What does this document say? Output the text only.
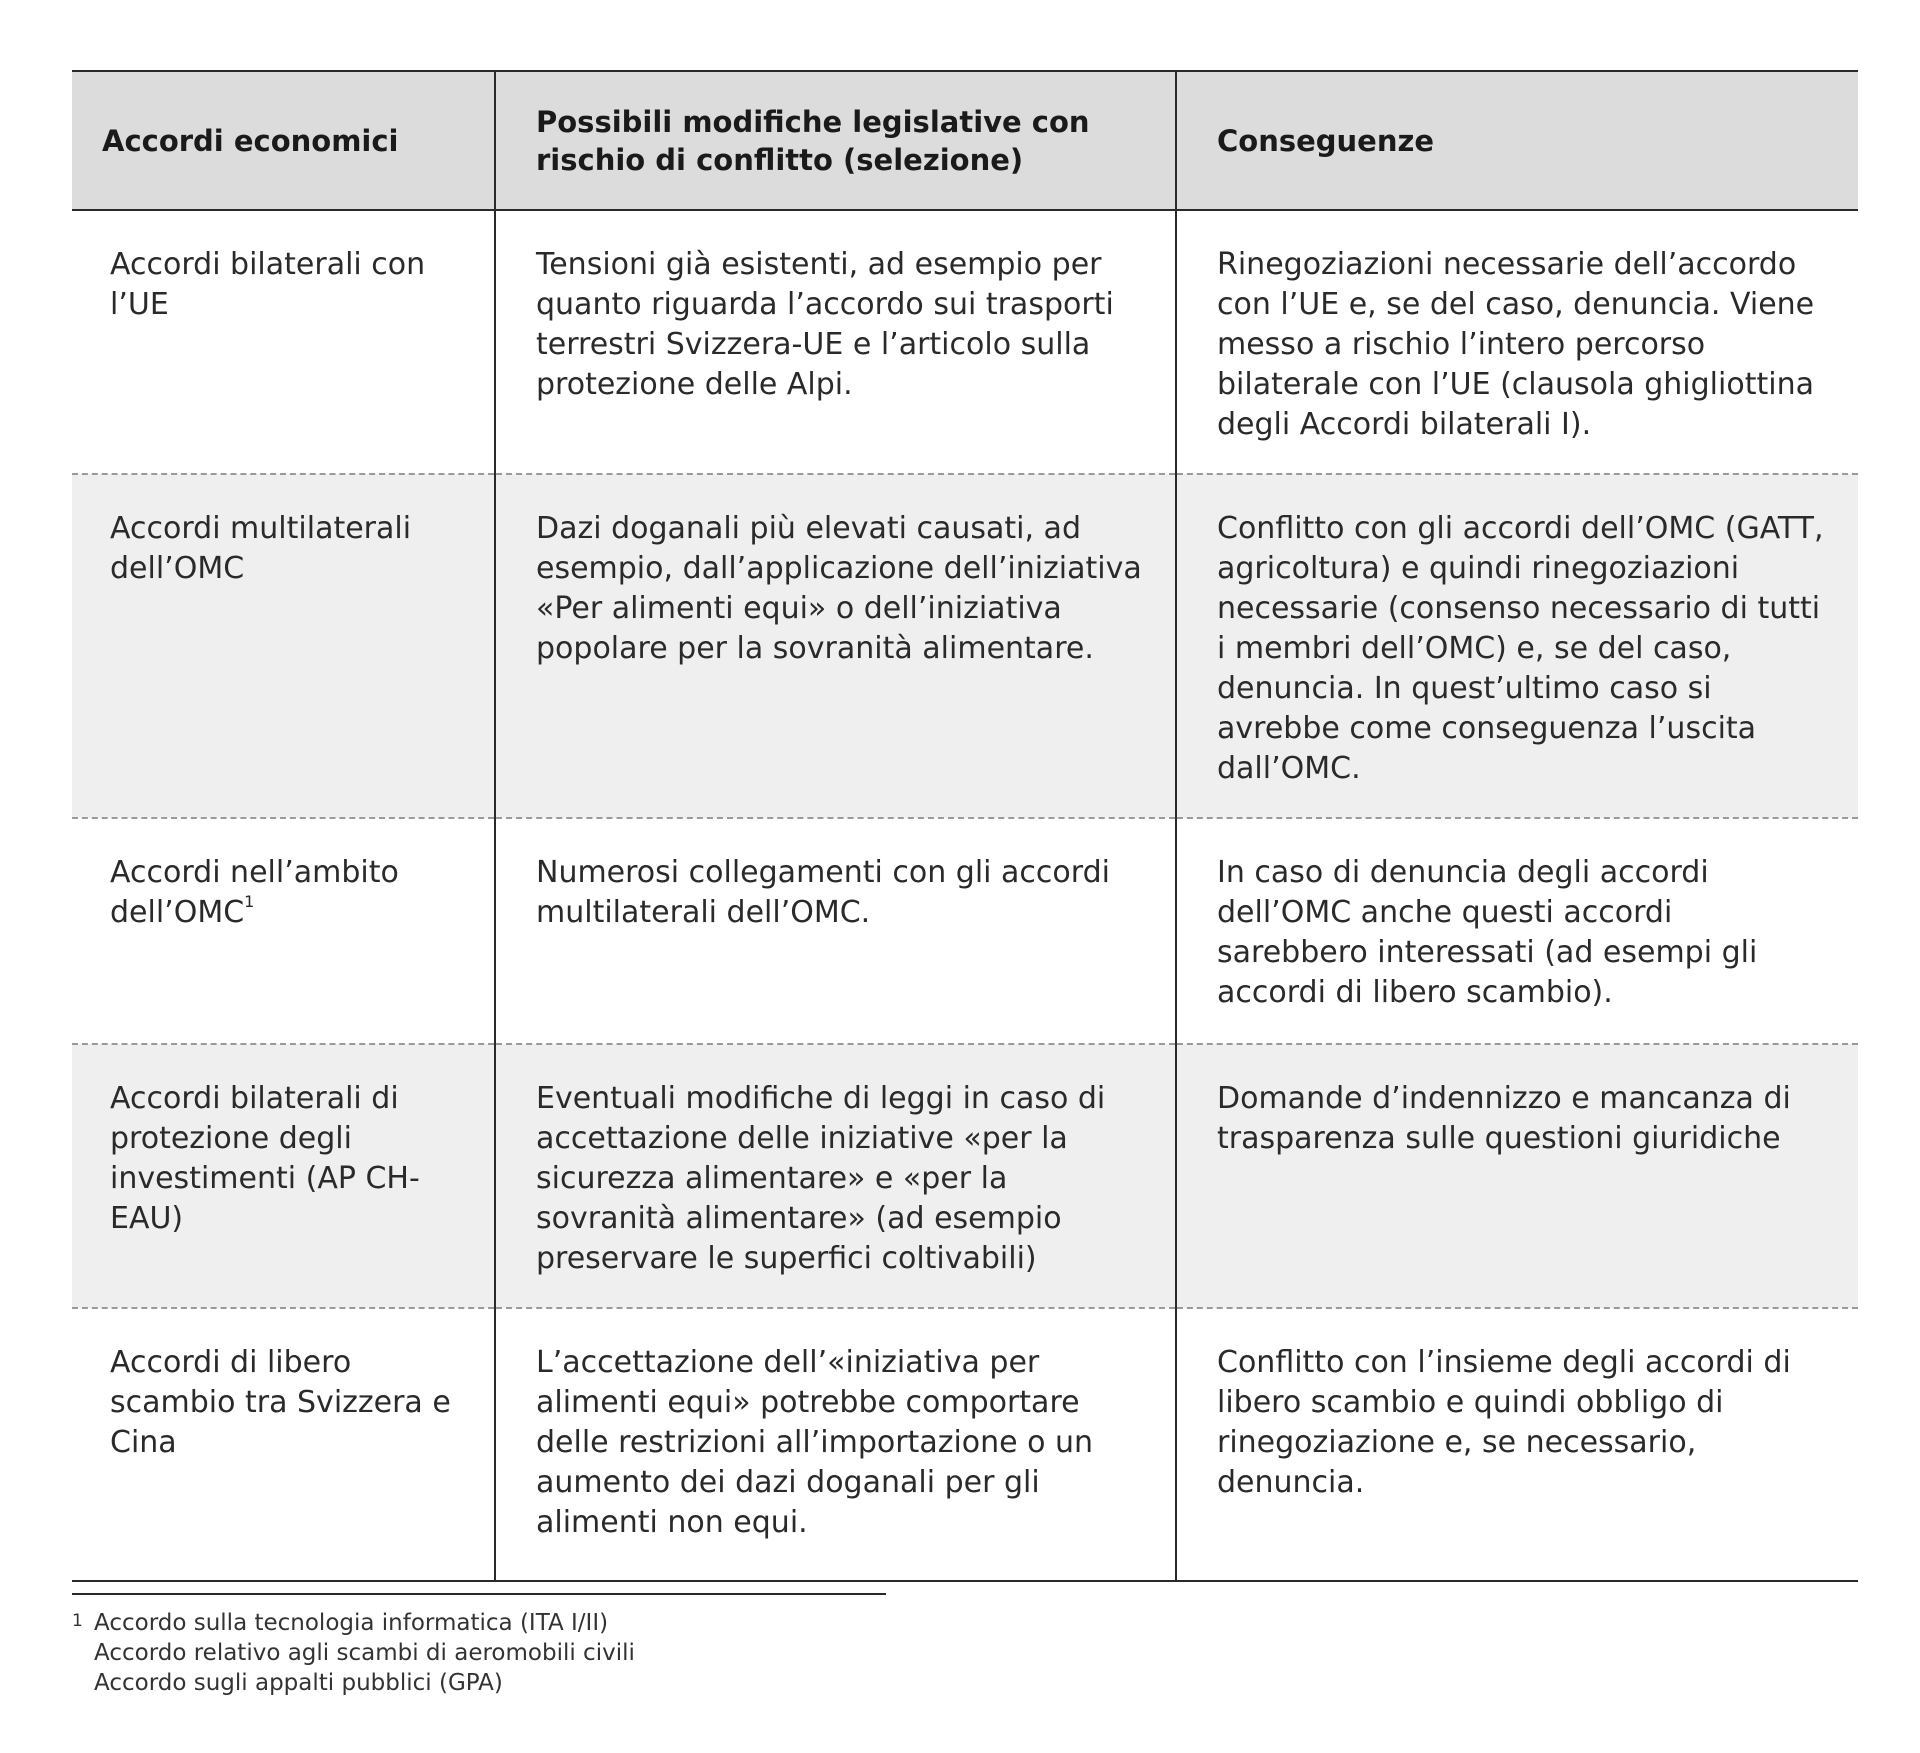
Accordi economici	Possibili modifiche legislative con rischio di conflitto (selezione)	Conseguenze
Accordi bilaterali con l’UE	Tensioni già esistenti, ad esempio per quanto riguarda l’accordo sui trasporti terrestri Svizzera-UE e l’articolo sulla protezione delle Alpi.	Rinegoziazioni necessarie dell’accordo con l’UE e, se del caso, denuncia. Viene messo a rischio l’intero percorso bilaterale con l’UE (clausola ghigliottina degli Accordi bilaterali I).
Accordi multilaterali dell’OMC	Dazi doganali più elevati causati, ad esempio, dall’applicazione dell’iniziativa «Per alimenti equi» o dell’iniziativa popolare per la sovranità alimentare.	Conflitto con gli accordi dell’OMC (GATT, agricoltura) e quindi rinegoziazioni necessarie (consenso necessario di tutti i membri dell’OMC) e, se del caso, denuncia. In quest’ultimo caso si avrebbe come conseguenza l’uscita dall’OMC.
Accordi nell’ambito dell’OMC$^1$	Numerosi collegamenti con gli accordi multilaterali dell’OMC.	In caso di denuncia degli accordi dell’OMC anche questi accordi sarebbero interessati (ad esempi gli accordi di libero scambio).
Accordi bilaterali di protezione degli investimenti (AP CH-EAU)	Eventuali modifiche di leggi in caso di accettazione delle iniziative «per la sicurezza alimentare» e «per la sovranità alimentare» (ad esempio preservare le superfici coltivabili)	Domande d’indennizzo e mancanza di trasparenza sulle questioni giuridiche
Accordi di libero scambio tra Svizzera e Cina	L’accettazione dell’«iniziativa per alimenti equi» potrebbe comportare delle restrizioni all’importazione o un aumento dei dazi doganali per gli alimenti non equi.	Conflitto con l’insieme degli accordi di libero scambio e quindi obbligo di rinegoziazione e, se necessario, denuncia.
1 Accordo sulla tecnologia informatica (ITA I/II)
Accordo relativo agli scambi di aeromobili civili
Accordo sugli appalti pubblici (GPA)
